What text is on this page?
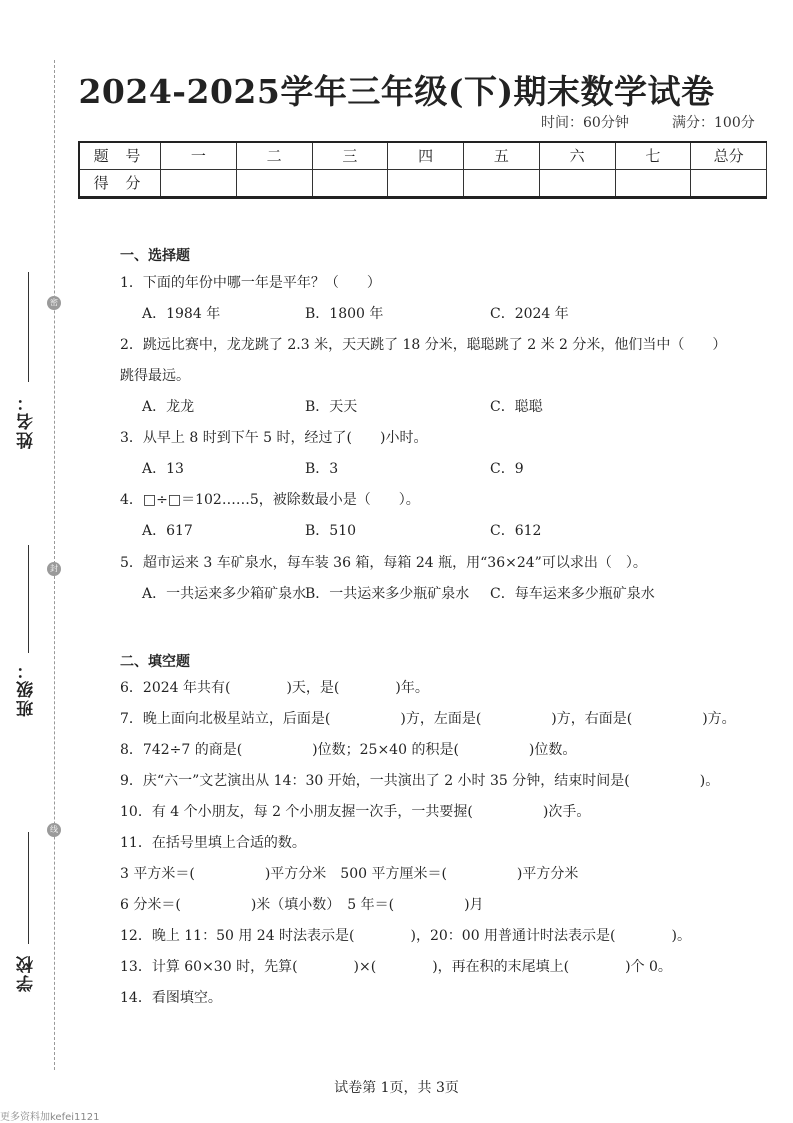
密
封
线
姓名：
班级：
学校
2024-2025学年三年级(下)期末数学试卷
时间：60分钟	满分：100分
题 号	一	二	三	四	五	六	七	总分
得 分								
一、选择题
1．下面的年份中哪一年是平年？（　　）
A．1984 年	B．1800 年	C．2024 年
2．跳远比赛中，龙龙跳了 2.3 米，天天跳了 18 分米，聪聪跳了 2 米 2 分米，他们当中（　　）
跳得最远。
A．龙龙	B．天天	C．聪聪
3．从早上 8 时到下午 5 时，经过了(　　)小时。
A．13	B．3	C．9
4．□÷□＝102……5，被除数最小是（　　）。
A．617	B．510	C．612
5．超市运来 3 车矿泉水，每车装 36 箱，每箱 24 瓶，用“36×24”可以求出（　）。
A．一共运来多少箱矿泉水
B．一共运来多少瓶矿泉水 C．每车运来多少瓶矿泉水
二、填空题
6．2024 年共有(　　　　)天，是(　　　　)年。
7．晚上面向北极星站立，后面是(　　　　　)方，左面是(　　　　　)方，右面是(　　　　　)方。
8．742÷7 的商是(　　　　　)位数；25×40 的积是(　　　　　)位数。
9．庆“六一”文艺演出从 14：30 开始，一共演出了 2 小时 35 分钟，结束时间是(　　　　　)。
10．有 4 个小朋友，每 2 个小朋友握一次手，一共要握(　　　　　)次手。
11．在括号里填上合适的数。
3 平方米＝(　　　　　)平方分米　500 平方厘米＝(　　　　　)平方分米
6 分米＝(　　　　　)米（填小数）　5 年＝(　　　　　)月
12．晚上 11：50 用 24 时法表示是(　　　　)，20：00 用普通计时法表示是(　　　　)。
13．计算 60×30 时，先算(　　　　)×(　　　　)，再在积的末尾填上(　　　　)个 0。
14．看图填空。
试卷第 1页，共 3页
更多资料加kefei1121
